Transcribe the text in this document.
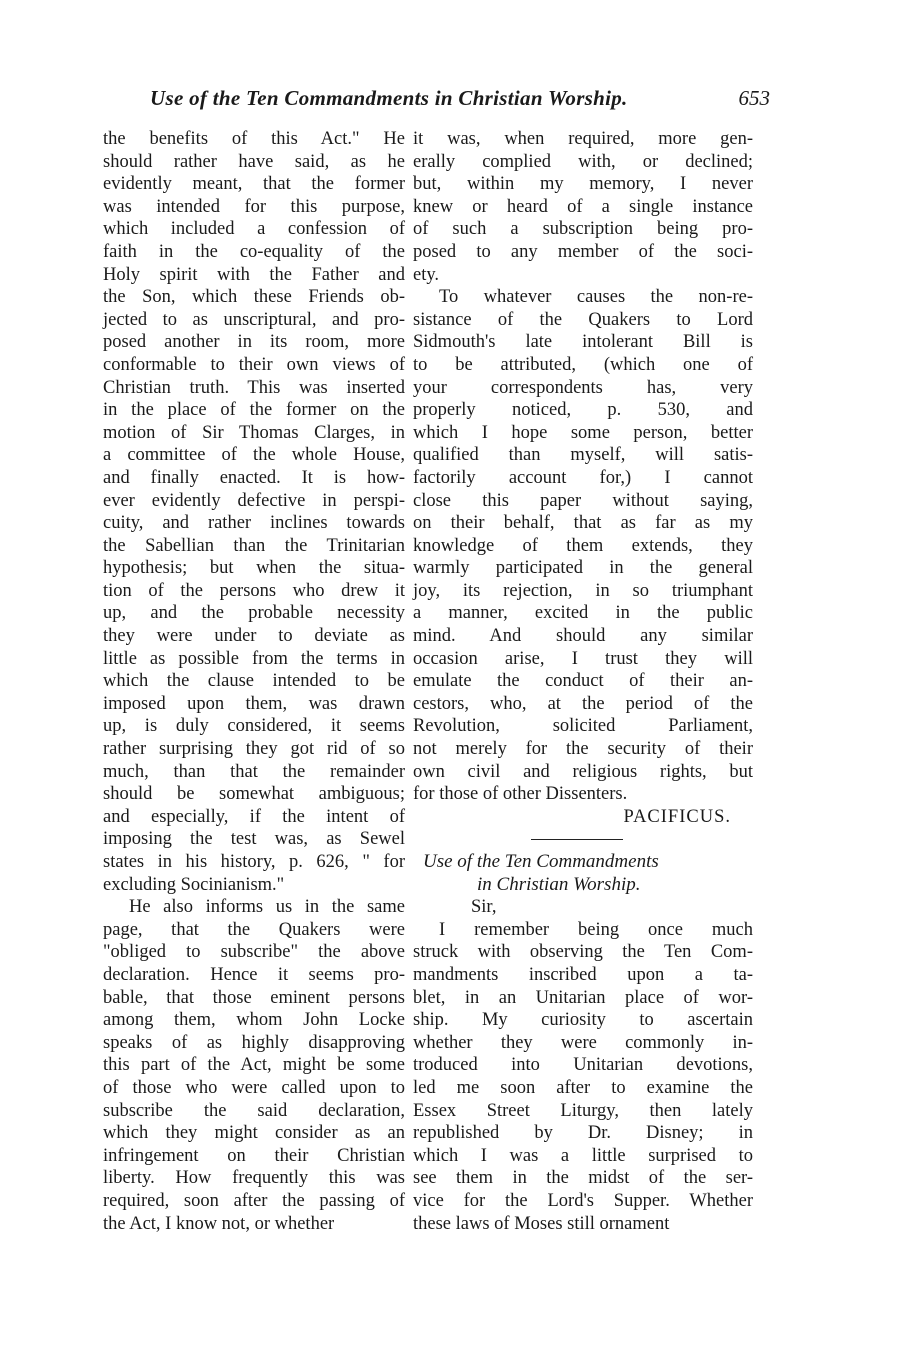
Use of the Ten Commandments in Christian Worship.	653
the benefits of this Act." He
should rather have said, as he
evidently meant, that the former
was intended for this purpose,
which included a confession of
faith in the co-equality of the
Holy spirit with the Father and
the Son, which these Friends ob-
jected to as unscriptural, and pro-
posed another in its room, more
conformable to their own views of
Christian truth. This was inserted
in the place of the former on the
motion of Sir Thomas Clarges, in
a committee of the whole House,
and finally enacted. It is how-
ever evidently defective in perspi-
cuity, and rather inclines towards
the Sabellian than the Trinitarian
hypothesis; but when the situa-
tion of the persons who drew it
up, and the probable necessity
they were under to deviate as
little as possible from the terms in
which the clause intended to be
imposed upon them, was drawn
up, is duly considered, it seems
rather surprising they got rid of so
much, than that the remainder
should be somewhat ambiguous;
and especially, if the intent of
imposing the test was, as Sewel
states in his history, p. 626, " for
excluding Socinianism."
He also informs us in the same
page, that the Quakers were
"obliged to subscribe" the above
declaration. Hence it seems pro-
bable, that those eminent persons
among them, whom John Locke
speaks of as highly disapproving
this part of the Act, might be some
of those who were called upon to
subscribe the said declaration,
which they might consider as an
infringement on their Christian
liberty. How frequently this was
required, soon after the passing of
the Act, I know not, or whether
it was, when required, more gen-
erally complied with, or declined;
but, within my memory, I never
knew or heard of a single instance
of such a subscription being pro-
posed to any member of the soci-
ety.
To whatever causes the non-re-
sistance of the Quakers to Lord
Sidmouth's late intolerant Bill is
to be attributed, (which one of
your correspondents has, very
properly noticed, p. 530, and
which I hope some person, better
qualified than myself, will satis-
factorily account for,) I cannot
close this paper without saying,
on their behalf, that as far as my
knowledge of them extends, they
warmly participated in the general
joy, its rejection, in so triumphant
a manner, excited in the public
mind. And should any similar
occasion arise, I trust they will
emulate the conduct of their an-
cestors, who, at the period of the
Revolution, solicited Parliament,
not merely for the security of their
own civil and religious rights, but
for those of other Dissenters.
PACIFICUS.
Use of the Ten Commandments
in Christian Worship.
Sir,
I remember being once much
struck with observing the Ten Com-
mandments inscribed upon a ta-
blet, in an Unitarian place of wor-
ship. My curiosity to ascertain
whether they were commonly in-
troduced into Unitarian devotions,
led me soon after to examine the
Essex Street Liturgy, then lately
republished by Dr. Disney; in
which I was a little surprised to
see them in the midst of the ser-
vice for the Lord's Supper. Whether
these laws of Moses still ornament
